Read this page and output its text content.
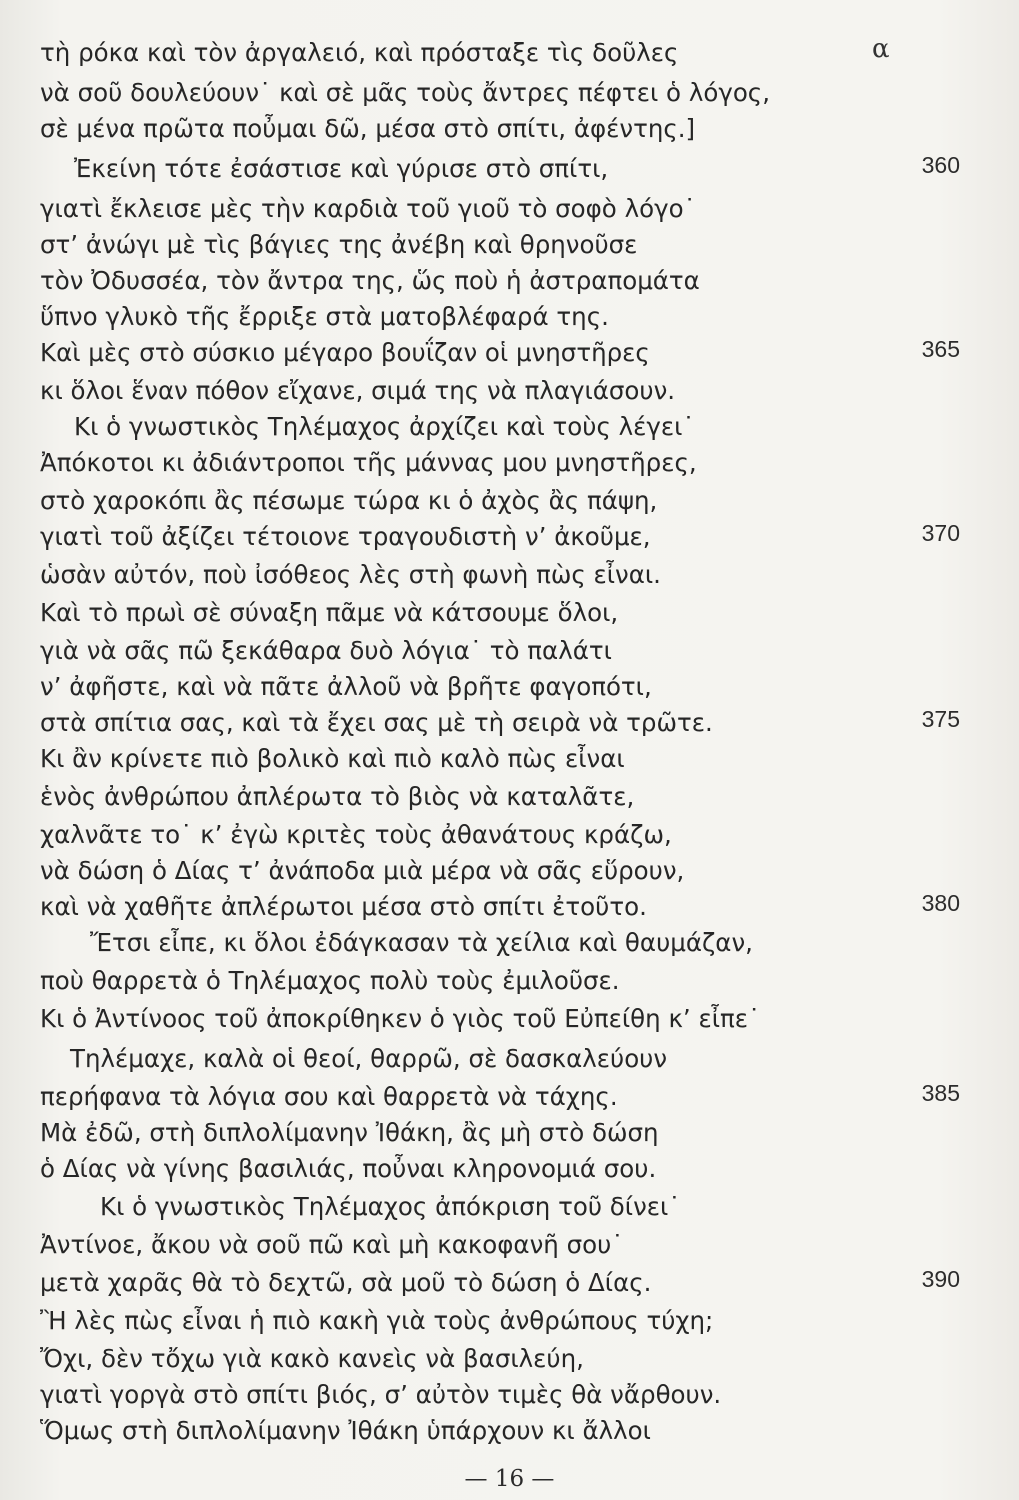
α
τὴ ρόκα καὶ τὸν ἀργαλειό, καὶ πρόσταξε τὶς δοῦλες
νὰ σοῦ δουλεύουν˙ καὶ σὲ μᾶς τοὺς ἄντρες πέφτει ὁ λόγος,
σὲ μένα πρῶτα ποὖμαι δῶ, μέσα στὸ σπίτι, ἀφέντης.]
Ἐκείνη τότε ἐσάστισε καὶ γύρισε στὸ σπίτι,	360
γιατὶ ἔκλεισε μὲς τὴν καρδιὰ τοῦ γιοῦ τὸ σοφὸ λόγο˙
στ’ ἀνώγι μὲ τὶς βάγιες της ἀνέβη καὶ θρηνοῦσε
τὸν Ὀδυσσέα, τὸν ἄντρα της, ὥς ποὺ ἡ ἀστραπομάτα
ὕπνο γλυκὸ τῆς ἔρριξε στὰ ματοβλέφαρά της.
Καὶ μὲς στὸ σύσκιο μέγαρο βουΐζαν οἱ μνηστῆρες	365
κι ὅλοι ἕναν πόθον εἴχανε, σιμά της νὰ πλαγιάσουν.
Κι ὁ γνωστικὸς Τηλέμαχος ἀρχίζει καὶ τοὺς λέγει˙
Ἀπόκοτοι κι ἀδιάντροποι τῆς μάννας μου μνηστῆρες,
στὸ χαροκόπι ἂς πέσωμε τώρα κι ὁ ἀχὸς ἂς πάψη,
γιατὶ τοῦ ἀξίζει τέτοιονε τραγουδιστὴ ν’ ἀκοῦμε,	370
ὡσὰν αὐτόν, ποὺ ἰσόθεος λὲς στὴ φωνὴ πὼς εἶναι.
Καὶ τὸ πρωὶ σὲ σύναξη πᾶμε νὰ κάτσουμε ὅλοι,
γιὰ νὰ σᾶς πῶ ξεκάθαρα δυὸ λόγια˙ τὸ παλάτι
ν’ ἀφῆστε, καὶ νὰ πᾶτε ἀλλοῦ νὰ βρῆτε φαγοπότι,
στὰ σπίτια σας, καὶ τὰ ἔχει σας μὲ τὴ σειρὰ νὰ τρῶτε.	375
Κι ἂν κρίνετε πιὸ βολικὸ καὶ πιὸ καλὸ πὼς εἶναι
ἑνὸς ἀνθρώπου ἀπλέρωτα τὸ βιὸς νὰ καταλᾶτε,
χαλνᾶτε το˙ κ’ ἐγὼ κριτὲς τοὺς ἀθανάτους κράζω,
νὰ δώση ὁ Δίας τ’ ἀνάποδα μιὰ μέρα νὰ σᾶς εὕρουν,
καὶ νὰ χαθῆτε ἀπλέρωτοι μέσα στὸ σπίτι ἐτοῦτο.	380
Ἔτσι εἶπε, κι ὅλοι ἐδάγκασαν τὰ χείλια καὶ θαυμάζαν,
ποὺ θαρρετὰ ὁ Τηλέμαχος πολὺ τοὺς ἐμιλοῦσε.
Κι ὁ Ἀντίνοος τοῦ ἀποκρίθηκεν ὁ γιὸς τοῦ Εὐπείθη κ’ εἶπε˙
Τηλέμαχε, καλὰ οἱ θεοί, θαρρῶ, σὲ δασκαλεύουν
περήφανα τὰ λόγια σου καὶ θαρρετὰ νὰ τάχης.	385
Μὰ ἐδῶ, στὴ διπλολίμανην Ἰθάκη, ἂς μὴ στὸ δώση
ὁ Δίας νὰ γίνης βασιλιάς, ποὖναι κληρονομιά σου.
Κι ὁ γνωστικὸς Τηλέμαχος ἀπόκριση τοῦ δίνει˙
Ἀντίνοε, ἄκου νὰ σοῦ πῶ καὶ μὴ κακοφανῆ σου˙
μετὰ χαρᾶς θὰ τὸ δεχτῶ, σὰ μοῦ τὸ δώση ὁ Δίας.	390
Ἢ λὲς πὼς εἶναι ἡ πιὸ κακὴ γιὰ τοὺς ἀνθρώπους τύχη;
Ὄχι, δὲν τὄχω γιὰ κακὸ κανεὶς νὰ βασιλεύη,
γιατὶ γοργὰ στὸ σπίτι βιός, σ’ αὐτὸν τιμὲς θὰ νἄρθουν.
Ὅμως στὴ διπλολίμανην Ἰθάκη ὑπάρχουν κι ἄλλοι
— 16 —
